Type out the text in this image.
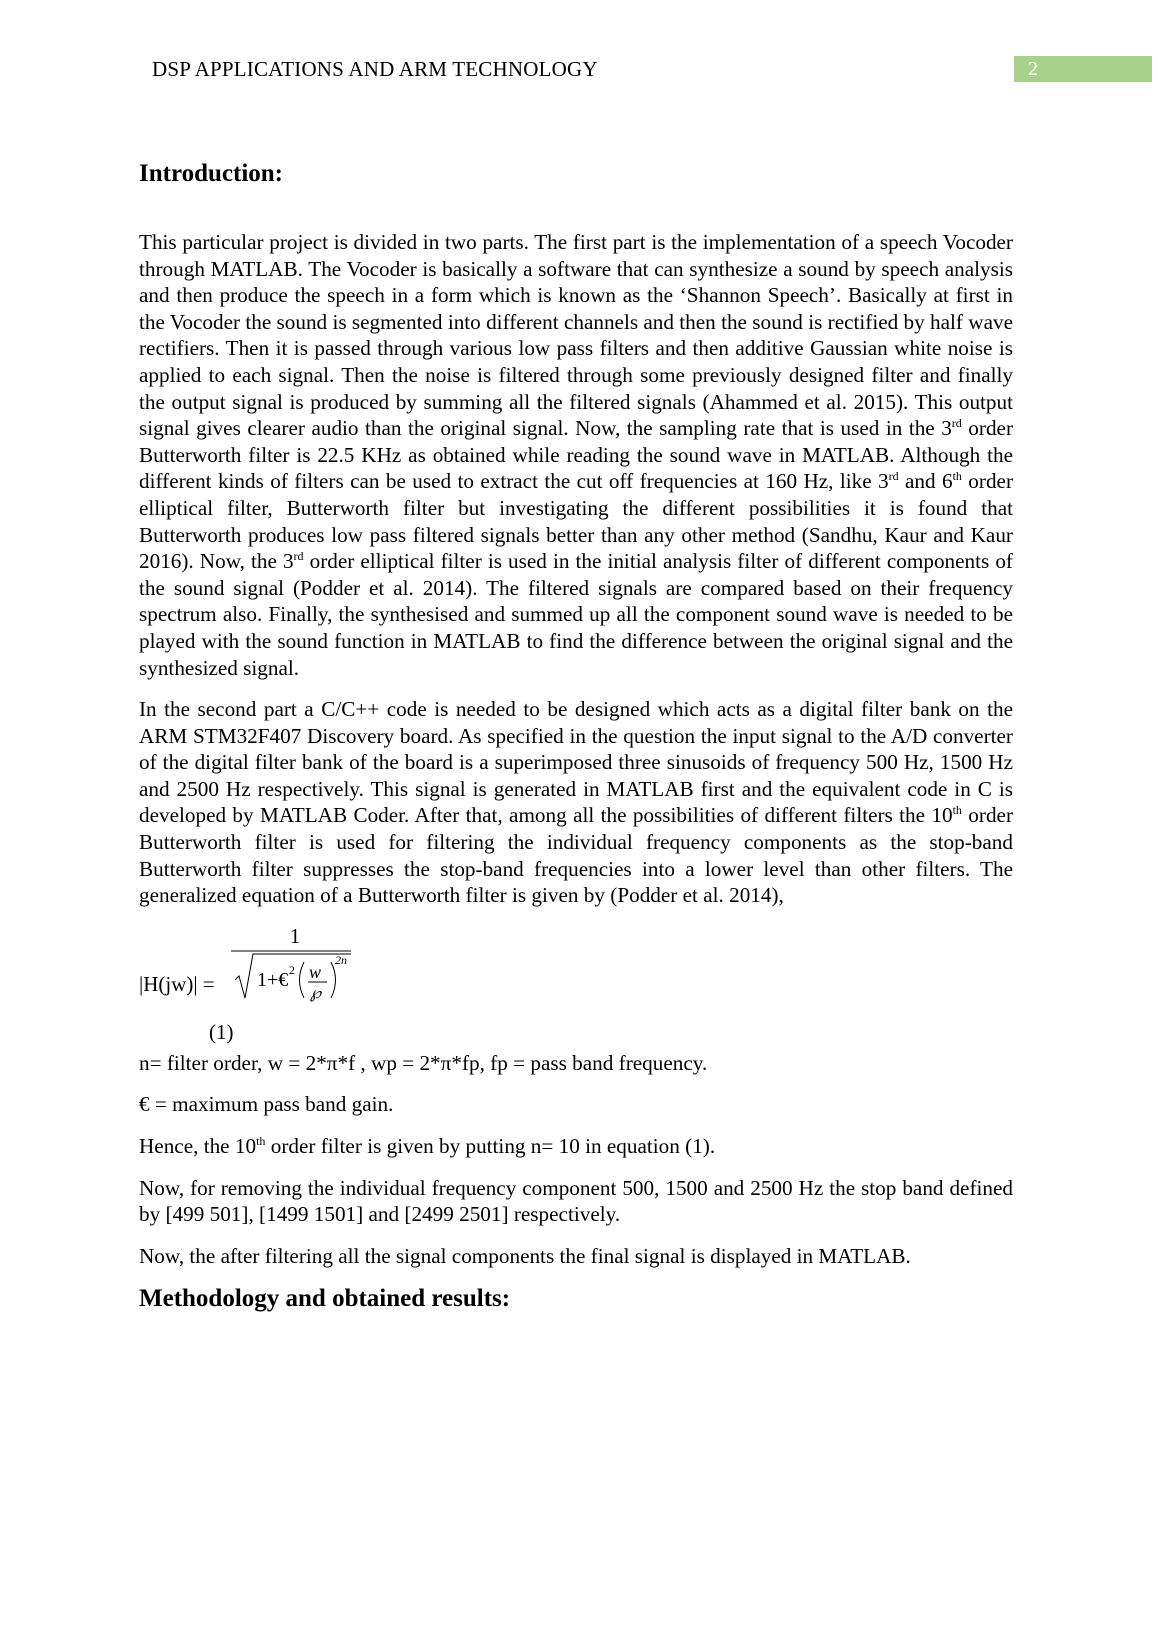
DSP APPLICATIONS AND ARM TECHNOLOGY	2
Introduction:

This particular project is divided in two parts. The first part is the implementation of a speech Vocoder through MATLAB. The Vocoder is basically a software that can synthesize a sound by speech analysis and then produce the speech in a form which is known as the ‘Shannon Speech’. Basically at first in the Vocoder the sound is segmented into different channels and then the sound is rectified by half wave rectifiers. Then it is passed through various low pass filters and then additive Gaussian white noise is applied to each signal. Then the noise is filtered through some previously designed filter and finally the output signal is produced by summing all the filtered signals (Ahammed et al. 2015). This output signal gives clearer audio than the original signal. Now, the sampling rate that is used in the 3rd order Butterworth filter is 22.5 KHz as obtained while reading the sound wave in MATLAB. Although the different kinds of filters can be used to extract the cut off frequencies at 160 Hz, like 3rd and 6th order elliptical filter, Butterworth filter but investigating the different possibilities it is found that Butterworth produces low pass filtered signals better than any other method (Sandhu, Kaur and Kaur 2016). Now, the 3rd order elliptical filter is used in the initial analysis filter of different components of the sound signal (Podder et al. 2014). The filtered signals are compared based on their frequency spectrum also. Finally, the synthesised and summed up all the component sound wave is needed to be played with the sound function in MATLAB to find the difference between the original signal and the synthesized signal.

In the second part a C/C++ code is needed to be designed which acts as a digital filter bank on the ARM STM32F407 Discovery board. As specified in the question the input signal to the A/D converter of the digital filter bank of the board is a superimposed three sinusoids of frequency 500 Hz, 1500 Hz and 2500 Hz respectively. This signal is generated in MATLAB first and the equivalent code in C is developed by MATLAB Coder. After that, among all the possibilities of different filters the 10th order Butterworth filter is used for filtering the individual frequency components as the stop-band Butterworth filter suppresses the stop-band frequencies into a lower level than other filters. The generalized equation of a Butterworth filter is given by (Podder et al. 2014),

|H(jw)| =
1
1+€ 2 w
℘
2n
(1)

n= filter order, w = 2*π*f , wp = 2*π*fp, fp = pass band frequency.

€ = maximum pass band gain.

Hence, the 10th order filter is given by putting n= 10 in equation (1).

Now, for removing the individual frequency component 500, 1500 and 2500 Hz the stop band defined by [499 501], [1499 1501] and [2499 2501] respectively.

Now, the after filtering all the signal components the final signal is displayed in MATLAB.

Methodology and obtained results:
